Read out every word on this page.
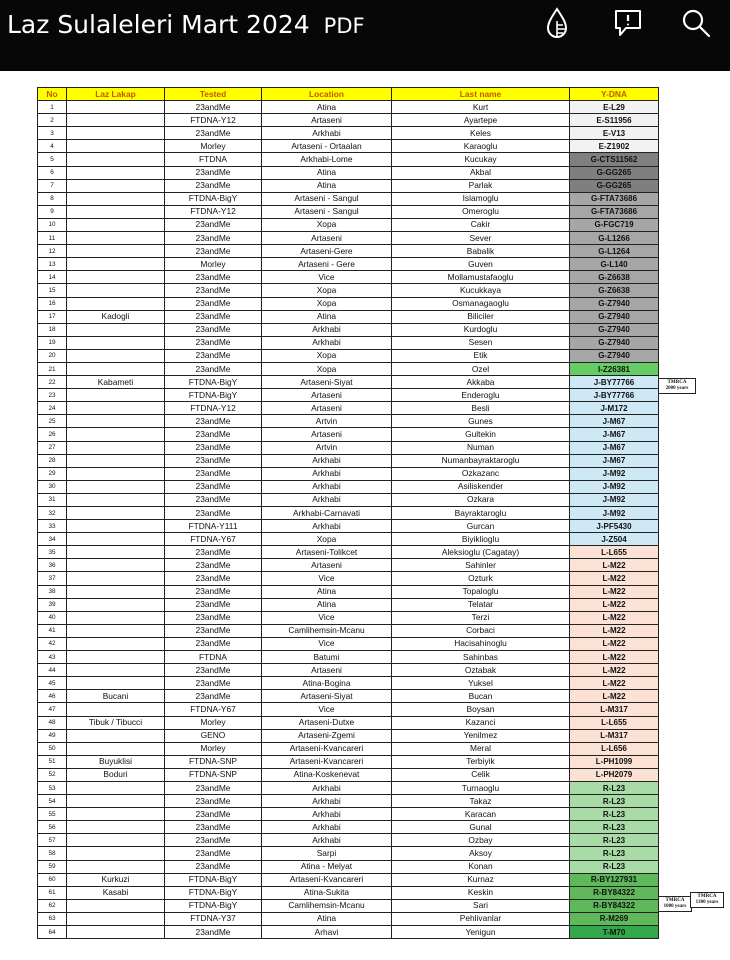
Laz Sulaleleri Mart 2024 PDF
No	Laz Lakap	Tested	Location	Last name	Y-DNA
1		23andMe	Atina	Kurt	E-L29
2		FTDNA-Y12	Artaseni	Ayartepe	E-S11956
3		23andMe	Arkhabi	Keles	E-V13
4		Morley	Artaseni - Ortaalan	Karaoglu	E-Z1902
5		FTDNA	Arkhabi-Lome	Kucukay	G-CTS11562
6		23andMe	Atina	Akbal	G-GG265
7		23andMe	Atina	Parlak	G-GG265
8		FTDNA-BigY	Artaseni - Sangul	Islamoglu	G-FTA73686
9		FTDNA-Y12	Artaseni - Sangul	Omeroglu	G-FTA73686
10		23andMe	Xopa	Cakir	G-FGC719
11		23andMe	Artaseni	Sever	G-L1266
12		23andMe	Artaseni-Gere	Babalik	G-L1264
13		Morley	Artaseni - Gere	Guven	G-L140
14		23andMe	Vice	Mollamustafaoglu	G-Z6638
15		23andMe	Xopa	Kucukkaya	G-Z6638
16		23andMe	Xopa	Osmanagaoglu	G-Z7940
17	Kadogli	23andMe	Atina	Biliciler	G-Z7940
18		23andMe	Arkhabi	Kurdoglu	G-Z7940
19		23andMe	Arkhabi	Sesen	G-Z7940
20		23andMe	Xopa	Etik	G-Z7940
21		23andMe	Xopa	Ozel	I-Z26381
22	Kabameti	FTDNA-BigY	Artaseni-Siyat	Akkaba	J-BY77766
23		FTDNA-BigY	Artaseni	Enderoglu	J-BY77766
24		FTDNA-Y12	Artaseni	Besli	J-M172
25		23andMe	Artvin	Gunes	J-M67
26		23andMe	Artaseni	Gultekin	J-M67
27		23andMe	Artvin	Numan	J-M67
28		23andMe	Arkhabi	Numanbayraktaroglu	J-M67
29		23andMe	Arkhabi	Ozkazanc	J-M92
30		23andMe	Arkhabi	Asiliskender	J-M92
31		23andMe	Arkhabi	Ozkara	J-M92
32		23andMe	Arkhabi-Carnavati	Bayraktaroglu	J-M92
33		FTDNA-Y111	Arkhabi	Gurcan	J-PF5430
34		FTDNA-Y67	Xopa	Biyiklioglu	J-Z504
35		23andMe	Artaseni-Tolikcet	Aleksioglu (Cagatay)	L-L655
36		23andMe	Artaseni	Sahinler	L-M22
37		23andMe	Vice	Ozturk	L-M22
38		23andMe	Atina	Topaloglu	L-M22
39		23andMe	Atina	Telatar	L-M22
40		23andMe	Vice	Terzi	L-M22
41		23andMe	Camlihemsin-Mcanu	Corbaci	L-M22
42		23andMe	Vice	Hacisahinoglu	L-M22
43		FTDNA	Batumi	Sahinbas	L-M22
44		23andMe	Artaseni	Oztabak	L-M22
45		23andMe	Atina-Bogina	Yuksel	L-M22
46	Bucani	23andMe	Artaseni-Siyat	Bucan	L-M22
47		FTDNA-Y67	Vice	Boysan	L-M317
48	Tibuk / Tibucci	Morley	Artaseni-Dutxe	Kazanci	L-L655
49		GENO	Artaseni-Zgemi	Yenilmez	L-M317
50		Morley	Artaseni-Kvancareri	Meral	L-L656
51	Buyuklisi	FTDNA-SNP	Artaseni-Kvancareri	Terbiyik	L-PH1099
52	Boduri	FTDNA-SNP	Atina-Koskenevat	Celik	L-PH2079
53		23andMe	Arkhabi	Turnaoglu	R-L23
54		23andMe	Arkhabi	Takaz	R-L23
55		23andMe	Arkhabi	Karacan	R-L23
56		23andMe	Arkhabi	Gunal	R-L23
57		23andMe	Arkhabi	Ozbay	R-L23
58		23andMe	Sarpi	Aksoy	R-L23
59		23andMe	Atina - Melyat	Konan	R-L23
60	Kurkuzi	FTDNA-BigY	Artaseni-Kvancareri	Kurnaz	R-BY127931
61	Kasabi	FTDNA-BigY	Atina-Sukita	Keskin	R-BY84322
62		FTDNA-BigY	Camlihemsin-Mcanu	Sari	R-BY84322
63		FTDNA-Y37	Atina	Pehlivanlar	R-M269
64		23andMe	Arhavi	Yenigun	T-M70
TMRCA
2000 years
TMRCA
1000 years
TMRCA
1300 years
